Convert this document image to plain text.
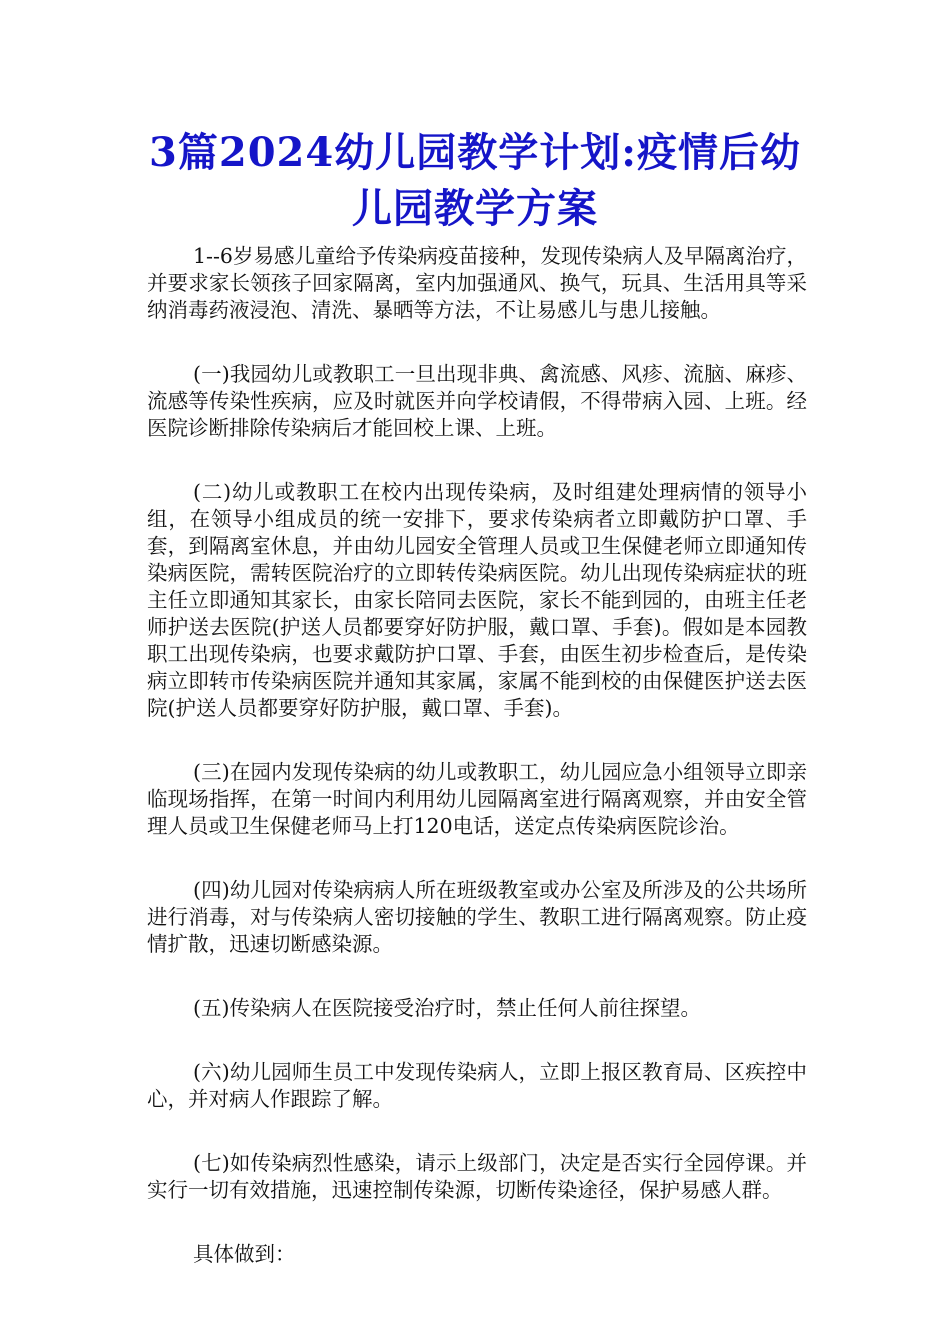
3篇2024幼儿园教学计划:疫情后幼儿园教学方案

1--6岁易感儿童给予传染病疫苗接种，发现传染病人及早隔离治疗，并要求家长领孩子回家隔离，室内加强通风、换气，玩具、生活用具等采纳消毒药液浸泡、清洗、暴晒等方法，不让易感儿与患儿接触。

(一)我园幼儿或教职工一旦出现非典、禽流感、风疹、流脑、麻疹、流感等传染性疾病，应及时就医并向学校请假，不得带病入园、上班。经医院诊断排除传染病后才能回校上课、上班。

(二)幼儿或教职工在校内出现传染病，及时组建处理病情的领导小组，在领导小组成员的统一安排下，要求传染病者立即戴防护口罩、手套，到隔离室休息，并由幼儿园安全管理人员或卫生保健老师立即通知传染病医院，需转医院治疗的立即转传染病医院。幼儿出现传染病症状的班主任立即通知其家长，由家长陪同去医院，家长不能到园的，由班主任老师护送去医院(护送人员都要穿好防护服，戴口罩、手套)。假如是本园教职工出现传染病，也要求戴防护口罩、手套，由医生初步检查后，是传染病立即转市传染病医院并通知其家属，家属不能到校的由保健医护送去医院(护送人员都要穿好防护服，戴口罩、手套)。

(三)在园内发现传染病的幼儿或教职工，幼儿园应急小组领导立即亲临现场指挥，在第一时间内利用幼儿园隔离室进行隔离观察，并由安全管理人员或卫生保健老师马上打120电话，送定点传染病医院诊治。

(四)幼儿园对传染病病人所在班级教室或办公室及所涉及的公共场所进行消毒，对与传染病人密切接触的学生、教职工进行隔离观察。防止疫情扩散，迅速切断感染源。

(五)传染病人在医院接受治疗时，禁止任何人前往探望。

(六)幼儿园师生员工中发现传染病人，立即上报区教育局、区疾控中心，并对病人作跟踪了解。

(七)如传染病烈性感染，请示上级部门，决定是否实行全园停课。并实行一切有效措施，迅速控制传染源，切断传染途径，保护易感人群。

具体做到：
